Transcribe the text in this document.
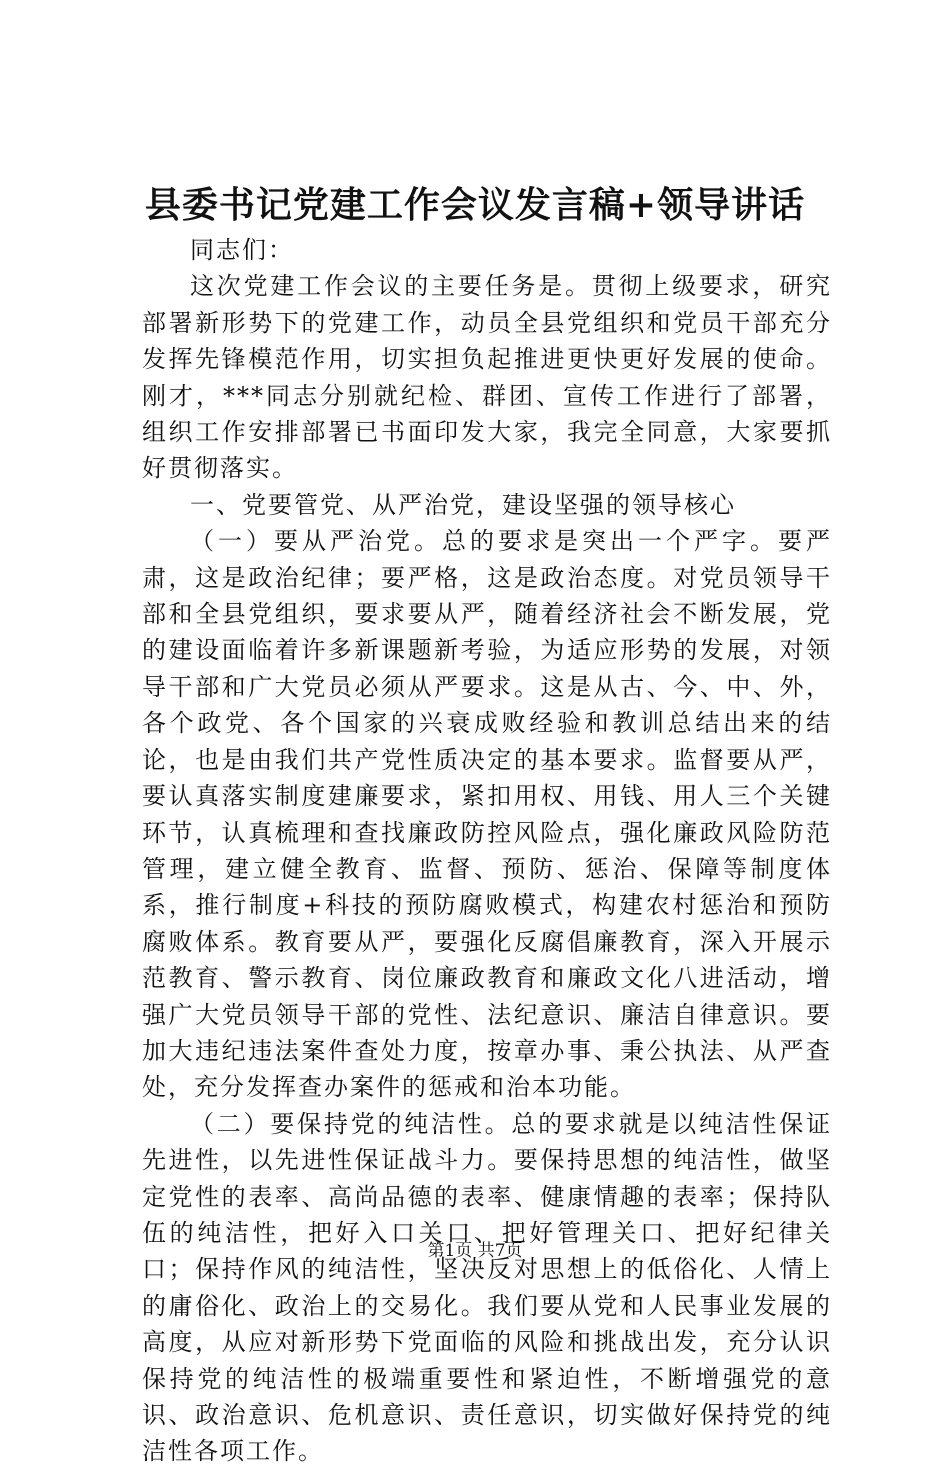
县委书记党建工作会议发言稿+领导讲话

同志们：

这次党建工作会议的主要任务是。贯彻上级要求，研究部署新形势下的党建工作，动员全县党组织和党员干部充分发挥先锋模范作用，切实担负起推进更快更好发展的使命。刚才，***同志分别就纪检、群团、宣传工作进行了部署，组织工作安排部署已书面印发大家，我完全同意，大家要抓好贯彻落实。

一、党要管党、从严治党，建设坚强的领导核心

（一）要从严治党。总的要求是突出一个严字。要严肃，这是政治纪律；要严格，这是政治态度。对党员领导干部和全县党组织，要求要从严，随着经济社会不断发展，党的建设面临着许多新课题新考验，为适应形势的发展，对领导干部和广大党员必须从严要求。这是从古、今、中、外，各个政党、各个国家的兴衰成败经验和教训总结出来的结论，也是由我们共产党性质决定的基本要求。监督要从严，要认真落实制度建廉要求，紧扣用权、用钱、用人三个关键环节，认真梳理和查找廉政防控风险点，强化廉政风险防范管理，建立健全教育、监督、预防、惩治、保障等制度体系，推行制度+科技的预防腐败模式，构建农村惩治和预防腐败体系。教育要从严，要强化反腐倡廉教育，深入开展示范教育、警示教育、岗位廉政教育和廉政文化八进活动，增强广大党员领导干部的党性、法纪意识、廉洁自律意识。要加大违纪违法案件查处力度，按章办事、秉公执法、从严查处，充分发挥查办案件的惩戒和治本功能。

（二）要保持党的纯洁性。总的要求就是以纯洁性保证先进性，以先进性保证战斗力。要保持思想的纯洁性，做坚定党性的表率、高尚品德的表率、健康情趣的表率；保持队伍的纯洁性，把好入口关口、把好管理关口、把好纪律关口；保持作风的纯洁性，坚决反对思想上的低俗化、人情上的庸俗化、政治上的交易化。我们要从党和人民事业发展的高度，从应对新形势下党面临的风险和挑战出发，充分认识保持党的纯洁性的极端重要性和紧迫性，不断增强党的意识、政治意识、危机意识、责任意识，切实做好保持党的纯洁性各项工作。

第1页 共7页
